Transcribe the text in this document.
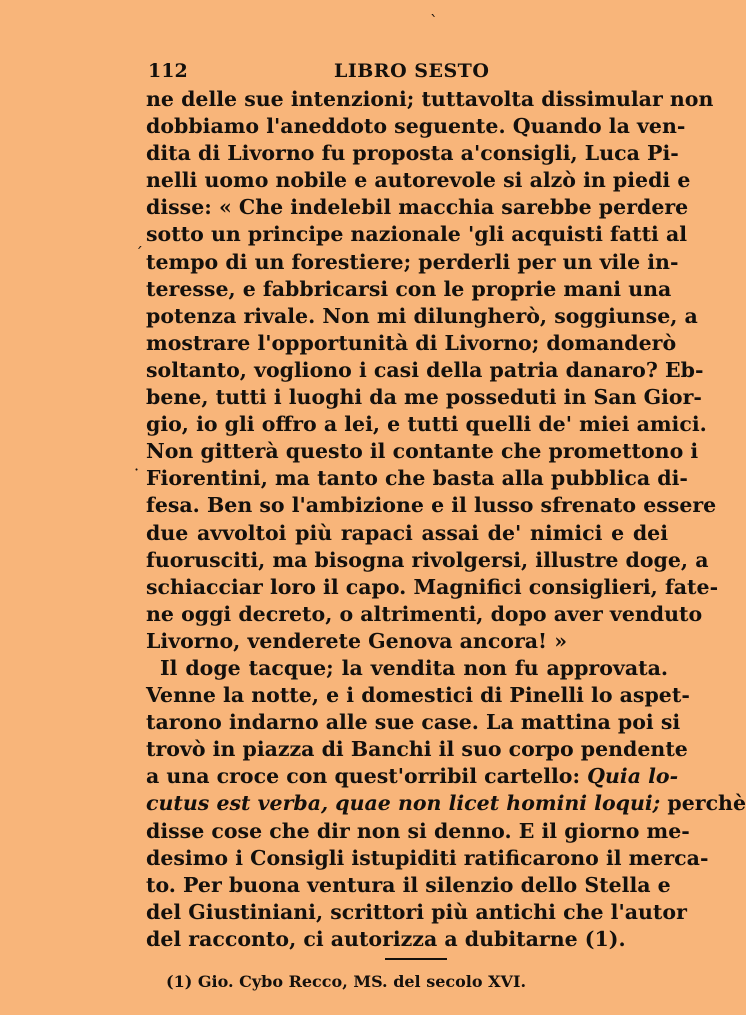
112	LIBRO SESTO
ne delle sue intenzioni; tuttavolta dissimular non
dobbiamo l'aneddoto seguente. Quando la ven-
dita di Livorno fu proposta a'consigli, Luca Pi-
nelli uomo nobile e autorevole si alzò in piedi e
disse: « Che indelebil macchia sarebbe perdere
sotto un principe nazionale 'gli acquisti fatti al
tempo di un forestiere; perderli per un vile in-
teresse, e fabbricarsi con le proprie mani una
potenza rivale. Non mi dilungherò, soggiunse, a
mostrare l'opportunità di Livorno; domanderò
soltanto, vogliono i casi della patria danaro? Eb-
bene, tutti i luoghi da me posseduti in San Gior-
gio, io gli offro a lei, e tutti quelli de' miei amici.
Non gitterà questo il contante che promettono i
Fiorentini, ma tanto che basta alla pubblica di-
fesa. Ben so l'ambizione e il lusso sfrenato essere
due avvoltoi più rapaci assai de' nimici e dei
fuorusciti, ma bisogna rivolgersi, illustre doge, a
schiacciar loro il capo. Magnifici consiglieri, fate-
ne oggi decreto, o altrimenti, dopo aver venduto
Livorno, venderete Genova ancora! »
Il doge tacque; la vendita non fu approvata.
Venne la notte, e i domestici di Pinelli lo aspet-
tarono indarno alle sue case. La mattina poi si
trovò in piazza di Banchi il suo corpo pendente
a una croce con quest'orribil cartello: Quia lo-
cutus est verba, quae non licet homini loqui; perchè
disse cose che dir non si denno. E il giorno me-
desimo i Consigli istupiditi ratificarono il merca-
to. Per buona ventura il silenzio dello Stella e
del Giustiniani, scrittori più antichi che l'autor
del racconto, ci autorizza a dubitarne (1).
ˋ
ˊ
·
(1) Gio. Cybo Recco, MS. del secolo XVI.
